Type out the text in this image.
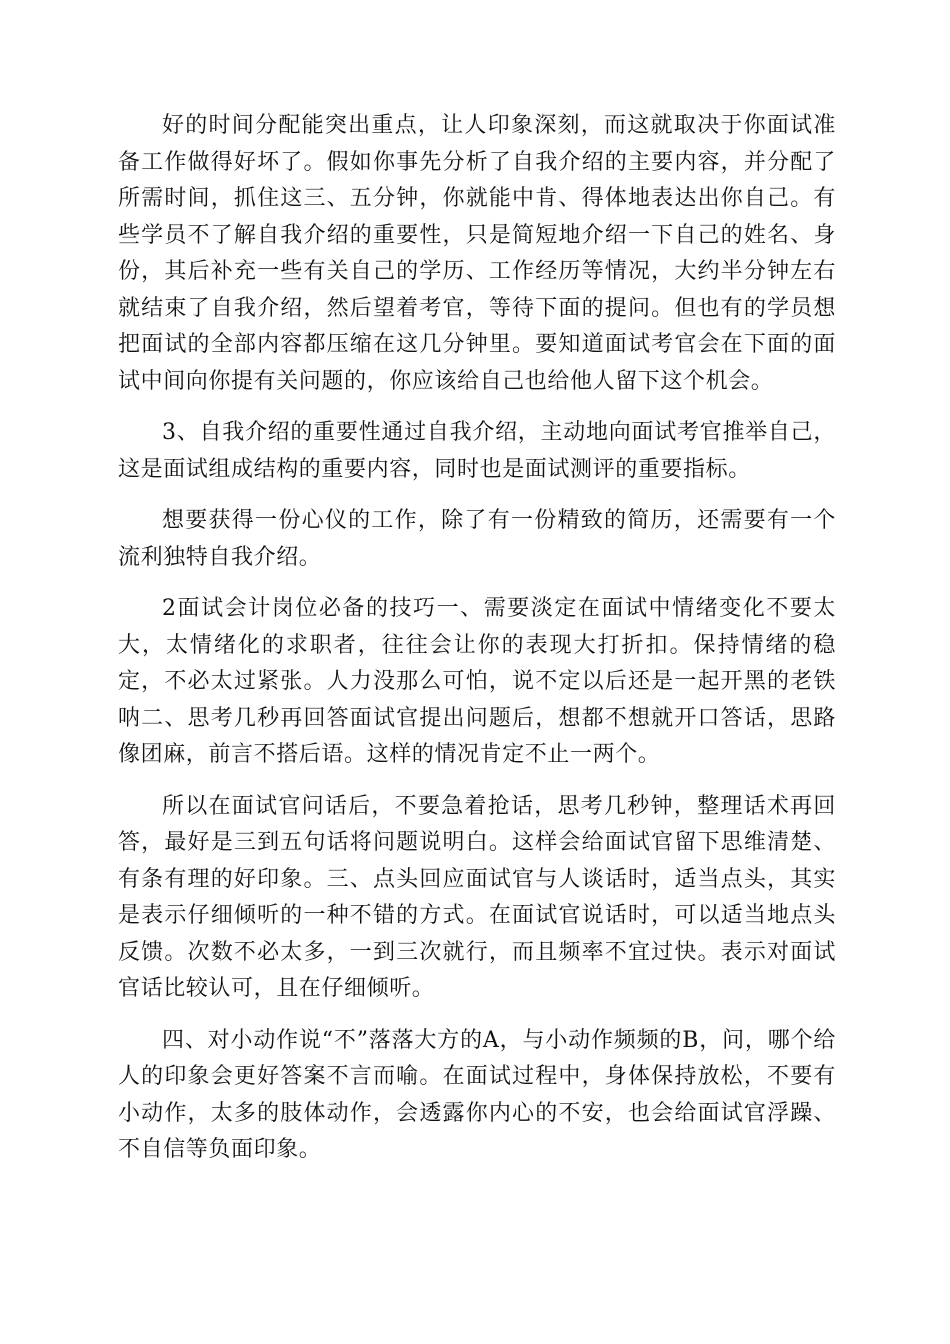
好的时间分配能突出重点，让人印象深刻，而这就取决于你面试准备工作做得好坏了。假如你事先分析了自我介绍的主要内容，并分配了所需时间，抓住这三、五分钟，你就能中肯、得体地表达出你自己。有些学员不了解自我介绍的重要性，只是简短地介绍一下自己的姓名、身份，其后补充一些有关自己的学历、工作经历等情况，大约半分钟左右就结束了自我介绍，然后望着考官，等待下面的提问。但也有的学员想把面试的全部内容都压缩在这几分钟里。要知道面试考官会在下面的面试中间向你提有关问题的，你应该给自己也给他人留下这个机会。

3、自我介绍的重要性通过自我介绍，主动地向面试考官推举自己，这是面试组成结构的重要内容，同时也是面试测评的重要指标。

想要获得一份心仪的工作，除了有一份精致的简历，还需要有一个流利独特自我介绍。

2面试会计岗位必备的技巧一、需要淡定在面试中情绪变化不要太大，太情绪化的求职者，往往会让你的表现大打折扣。保持情绪的稳定，不必太过紧张。人力没那么可怕，说不定以后还是一起开黑的老铁呐二、思考几秒再回答面试官提出问题后，想都不想就开口答话，思路像团麻，前言不搭后语。这样的情况肯定不止一两个。

所以在面试官问话后，不要急着抢话，思考几秒钟，整理话术再回答，最好是三到五句话将问题说明白。这样会给面试官留下思维清楚、有条有理的好印象。三、点头回应面试官与人谈话时，适当点头，其实是表示仔细倾听的一种不错的方式。在面试官说话时，可以适当地点头反馈。次数不必太多，一到三次就行，而且频率不宜过快。表示对面试官话比较认可，且在仔细倾听。

四、对小动作说“不”落落大方的A，与小动作频频的B，问，哪个给人的印象会更好答案不言而喻。在面试过程中，身体保持放松，不要有小动作，太多的肢体动作，会透露你内心的不安，也会给面试官浮躁、不自信等负面印象。
